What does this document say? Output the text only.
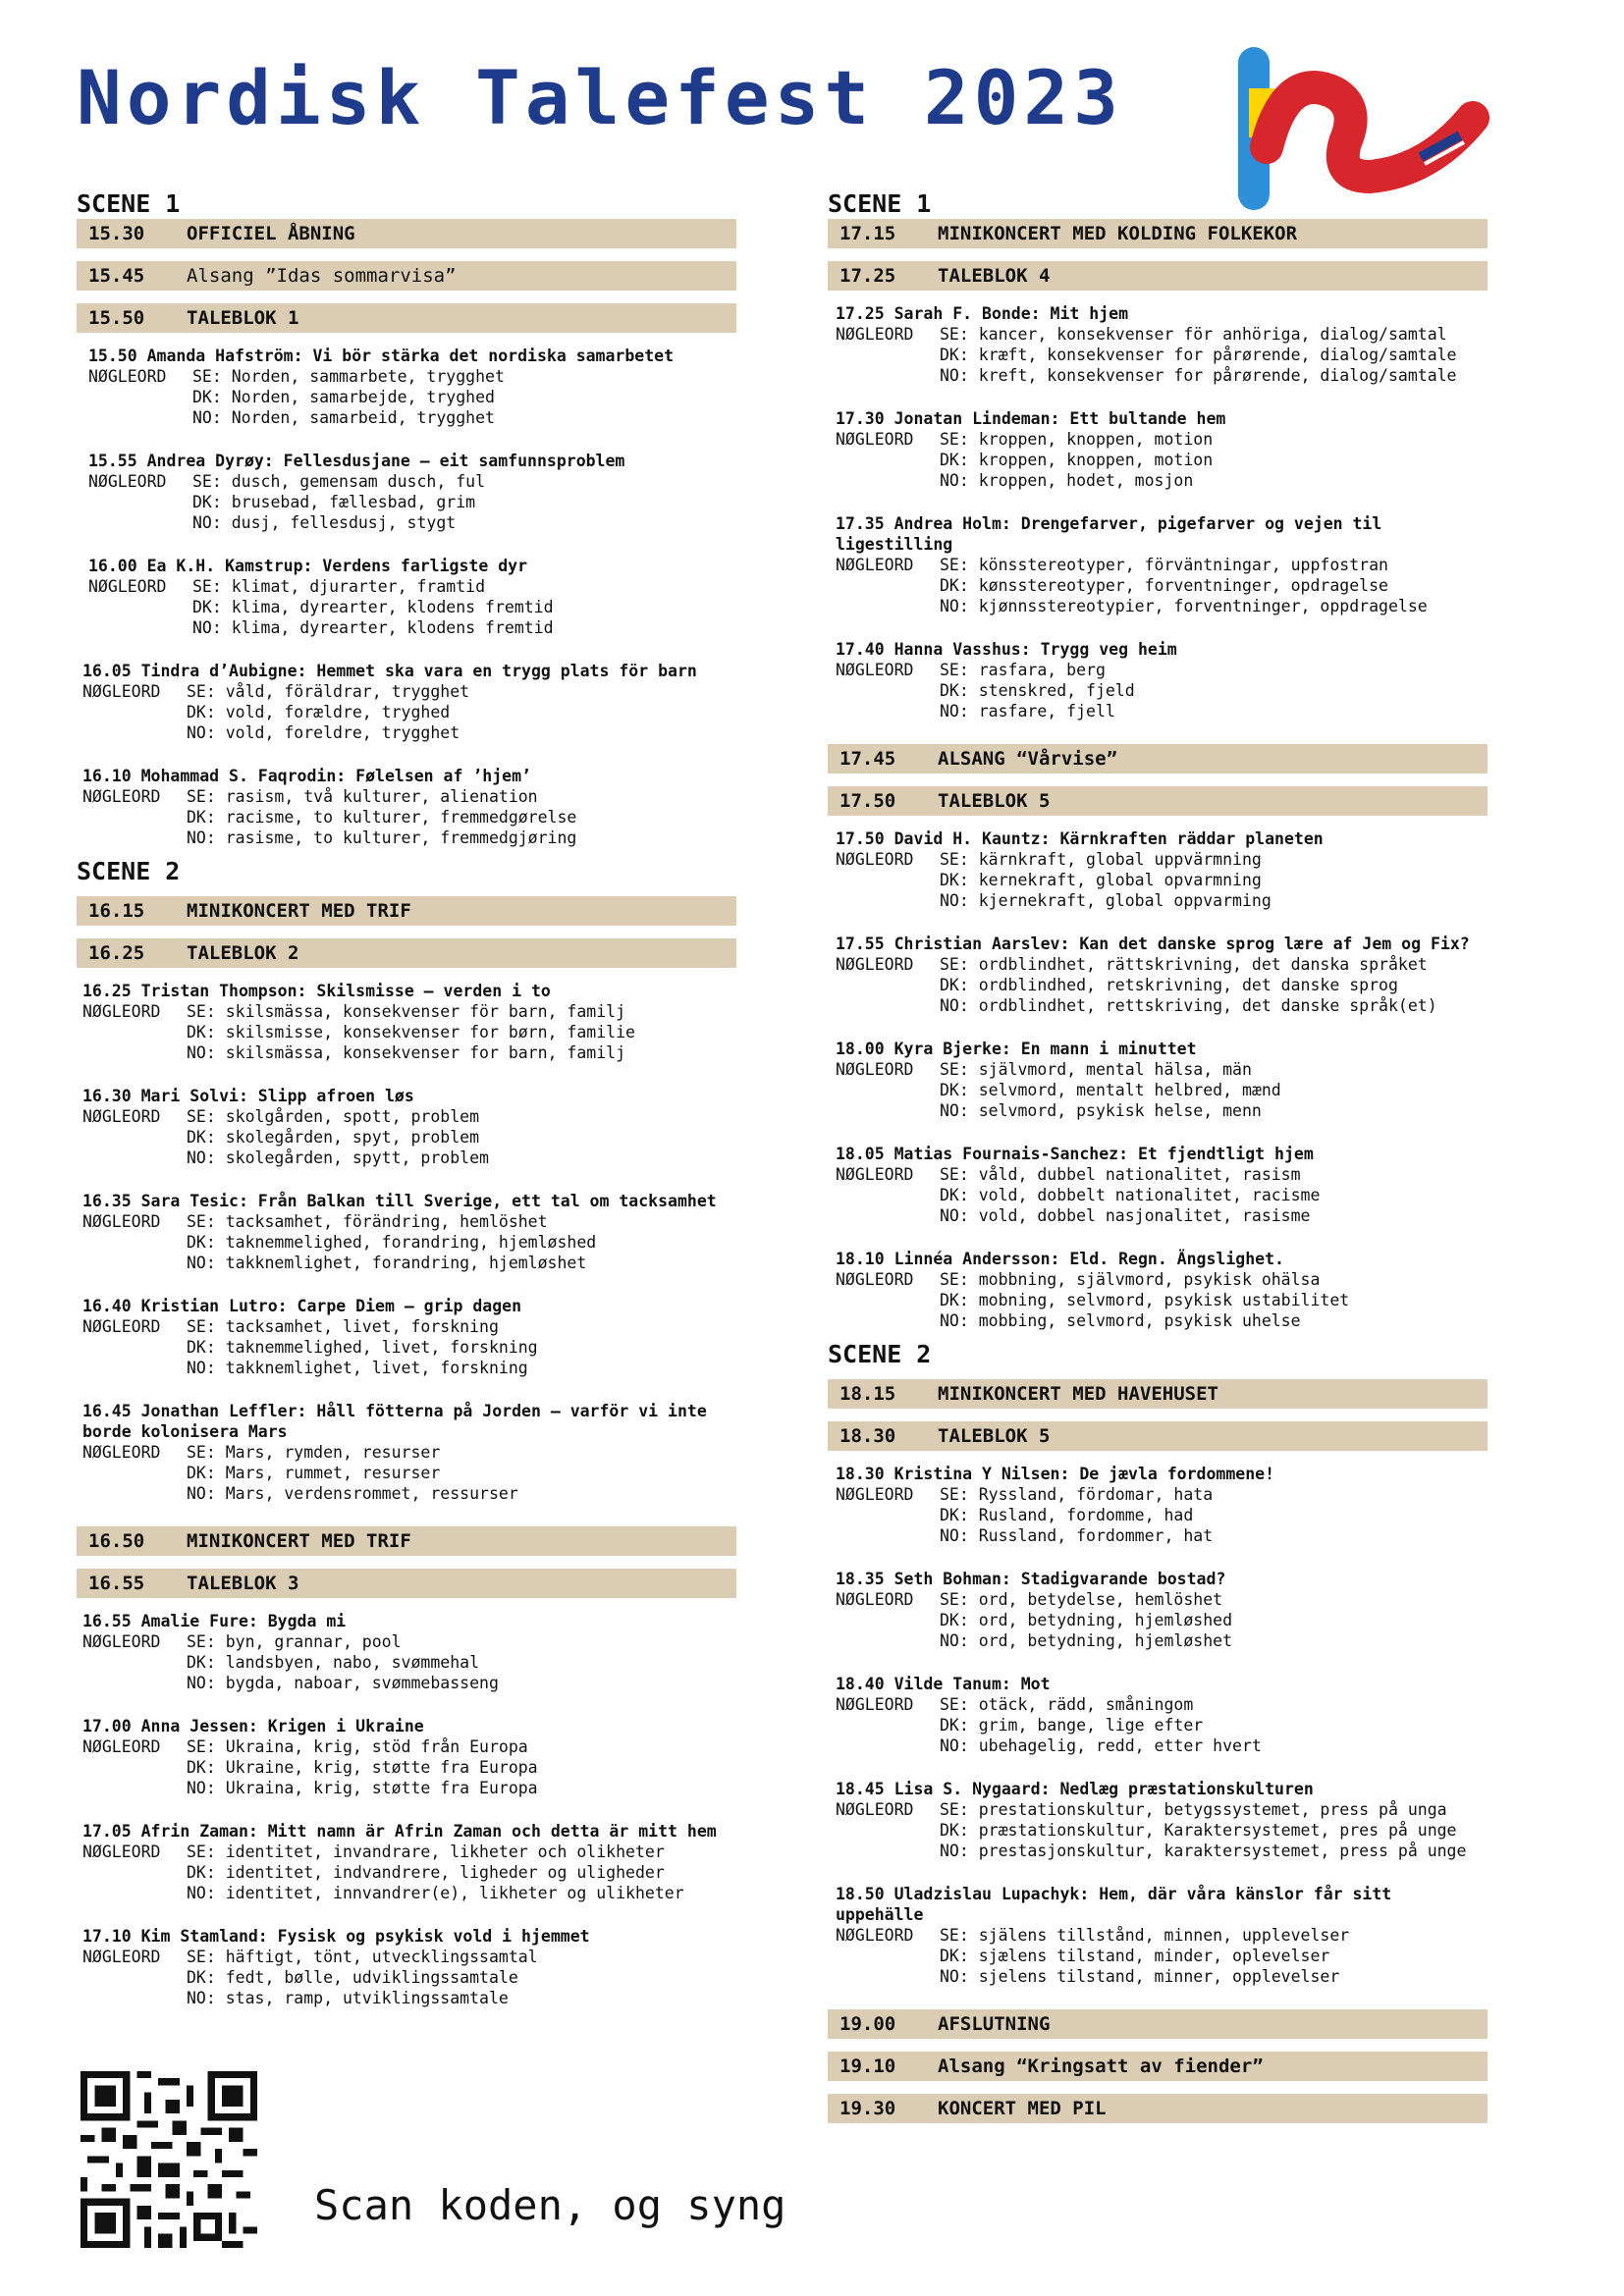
Nordisk Talefest 2023
SCENE 1
15.30 OFFICIEL ÅBNING
15.45 Alsang ”Idas sommarvisa”
15.50 TALEBLOK 1
15.50 Amanda Hafström: Vi bör stärka det nordiska samarbetet
NØGLEORD SE: Norden, sammarbete, trygghet
DK: Norden, samarbejde, tryghed
NO: Norden, samarbeid, trygghet
15.55 Andrea Dyrøy: Fellesdusjane – eit samfunnsproblem
NØGLEORD SE: dusch, gemensam dusch, ful
DK: brusebad, fællesbad, grim
NO: dusj, fellesdusj, stygt
16.00 Ea K.H. Kamstrup: Verdens farligste dyr
NØGLEORD SE: klimat, djurarter, framtid
DK: klima, dyrearter, klodens fremtid
NO: klima, dyrearter, klodens fremtid
16.05 Tindra d’Aubigne: Hemmet ska vara en trygg plats för barn
NØGLEORD SE: våld, föräldrar, trygghet
DK: vold, forældre, tryghed
NO: vold, foreldre, trygghet
16.10 Mohammad S. Faqrodin: Følelsen af ’hjem’
NØGLEORD SE: rasism, två kulturer, alienation
DK: racisme, to kulturer, fremmedgørelse
NO: rasisme, to kulturer, fremmedgjøring
SCENE 2
16.15 MINIKONCERT MED TRIF
16.25 TALEBLOK 2
16.25 Tristan Thompson: Skilsmisse – verden i to
NØGLEORD SE: skilsmässa, konsekvenser för barn, familj
DK: skilsmisse, konsekvenser for børn, familie
NO: skilsmässa, konsekvenser for barn, familj
16.30 Mari Solvi: Slipp afroen løs
NØGLEORD SE: skolgården, spott, problem
DK: skolegården, spyt, problem
NO: skolegården, spytt, problem
16.35 Sara Tesic: Från Balkan till Sverige, ett tal om tacksamhet
NØGLEORD SE: tacksamhet, förändring, hemlöshet
DK: taknemmelighed, forandring, hjemløshed
NO: takknemlighet, forandring, hjemløshet
16.40 Kristian Lutro: Carpe Diem – grip dagen
NØGLEORD SE: tacksamhet, livet, forskning
DK: taknemmelighed, livet, forskning
NO: takknemlighet, livet, forskning
16.45 Jonathan Leffler: Håll fötterna på Jorden – varför vi inte borde kolonisera Mars
NØGLEORD SE: Mars, rymden, resurser
DK: Mars, rummet, resurser
NO: Mars, verdensrommet, ressurser
16.50 MINIKONCERT MED TRIF
16.55 TALEBLOK 3
16.55 Amalie Fure: Bygda mi
NØGLEORD SE: byn, grannar, pool
DK: landsbyen, nabo, svømmehal
NO: bygda, naboar, svømmebasseng
17.00 Anna Jessen: Krigen i Ukraine
NØGLEORD SE: Ukraina, krig, stöd från Europa
DK: Ukraine, krig, støtte fra Europa
NO: Ukraina, krig, støtte fra Europa
17.05 Afrin Zaman: Mitt namn är Afrin Zaman och detta är mitt hem
NØGLEORD SE: identitet, invandrare, likheter och olikheter
DK: identitet, indvandrere, ligheder og uligheder
NO: identitet, innvandrer(e), likheter og ulikheter
17.10 Kim Stamland: Fysisk og psykisk vold i hjemmet
NØGLEORD SE: häftigt, tönt, utvecklingssamtal
DK: fedt, bølle, udviklingssamtale
NO: stas, ramp, utviklingssamtale
SCENE 1
17.15 MINIKONCERT MED KOLDING FOLKEKOR
17.25 TALEBLOK 4
17.25 Sarah F. Bonde: Mit hjem
NØGLEORD SE: kancer, konsekvenser för anhöriga, dialog/samtal
DK: kræft, konsekvenser for pårørende, dialog/samtale
NO: kreft, konsekvenser for pårørende, dialog/samtale
17.30 Jonatan Lindeman: Ett bultande hem
NØGLEORD SE: kroppen, knoppen, motion
DK: kroppen, knoppen, motion
NO: kroppen, hodet, mosjon
17.35 Andrea Holm: Drengefarver, pigefarver og vejen til ligestilling
NØGLEORD SE: könsstereotyper, förväntningar, uppfostran
DK: kønsstereotyper, forventninger, opdragelse
NO: kjønnsstereotypier, forventninger, oppdragelse
17.40 Hanna Vasshus: Trygg veg heim
NØGLEORD SE: rasfara, berg
DK: stenskred, fjeld
NO: rasfare, fjell
17.45 ALSANG “Vårvise”
17.50 TALEBLOK 5
17.50 David H. Kauntz: Kärnkraften räddar planeten
NØGLEORD SE: kärnkraft, global uppvärmning
DK: kernekraft, global opvarmning
NO: kjernekraft, global oppvarming
17.55 Christian Aarslev: Kan det danske sprog lære af Jem og Fix?
NØGLEORD SE: ordblindhet, rättskrivning, det danska språket
DK: ordblindhed, retskrivning, det danske sprog
NO: ordblindhet, rettskriving, det danske språk(et)
18.00 Kyra Bjerke: En mann i minuttet
NØGLEORD SE: självmord, mental hälsa, män
DK: selvmord, mentalt helbred, mænd
NO: selvmord, psykisk helse, menn
18.05 Matias Fournais-Sanchez: Et fjendtligt hjem
NØGLEORD SE: våld, dubbel nationalitet, rasism
DK: vold, dobbelt nationalitet, racisme
NO: vold, dobbel nasjonalitet, rasisme
18.10 Linnéa Andersson: Eld. Regn. Ängslighet.
NØGLEORD SE: mobbning, självmord, psykisk ohälsa
DK: mobning, selvmord, psykisk ustabilitet
NO: mobbing, selvmord, psykisk uhelse
SCENE 2
18.15 MINIKONCERT MED HAVEHUSET
18.30 TALEBLOK 5
18.30 Kristina Y Nilsen: De jævla fordommene!
NØGLEORD SE: Ryssland, fördomar, hata
DK: Rusland, fordomme, had
NO: Russland, fordommer, hat
18.35 Seth Bohman: Stadigvarande bostad?
NØGLEORD SE: ord, betydelse, hemlöshet
DK: ord, betydning, hjemløshed
NO: ord, betydning, hjemløshet
18.40 Vilde Tanum: Mot
NØGLEORD SE: otäck, rädd, småningom
DK: grim, bange, lige efter
NO: ubehagelig, redd, etter hvert
18.45 Lisa S. Nygaard: Nedlæg præstationskulturen
NØGLEORD SE: prestationskultur, betygssystemet, press på unga
DK: præstationskultur, Karaktersystemet, pres på unge
NO: prestasjonskultur, karaktersystemet, press på unge
18.50 Uladzislau Lupachyk: Hem, där våra känslor får sitt uppehälle
NØGLEORD SE: själens tillstånd, minnen, upplevelser
DK: sjælens tilstand, minder, oplevelser
NO: sjelens tilstand, minner, opplevelser
19.00 AFSLUTNING
19.10 Alsang “Kringsatt av fiender”
19.30 KONCERT MED PIL
Scan koden, og syng
